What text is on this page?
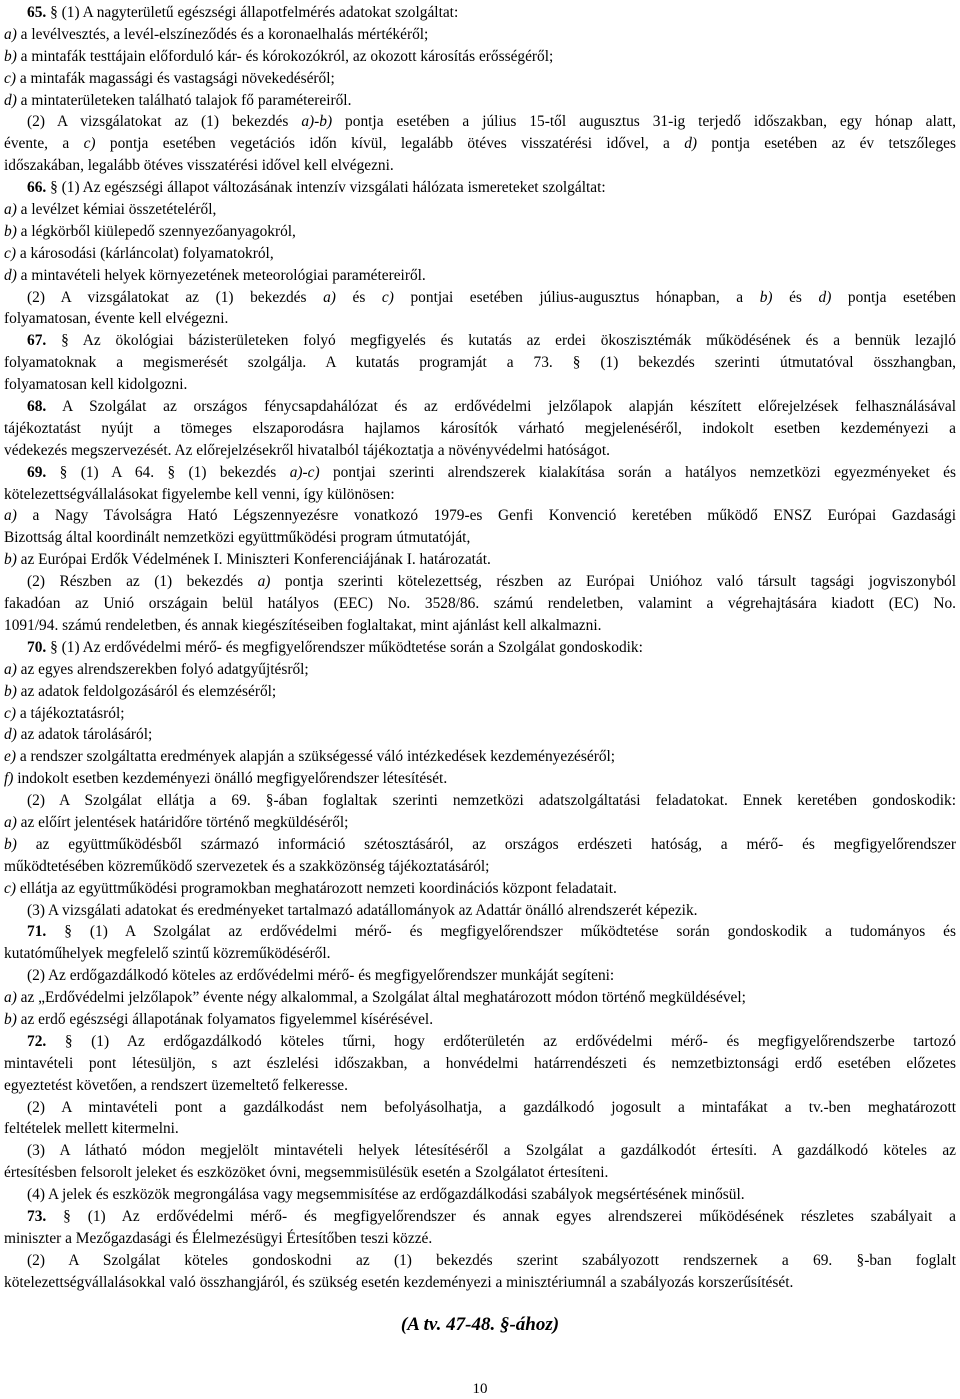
65. § (1) A nagyterületű egészségi állapotfelmérés adatokat szolgáltat:
a) a levélvesztés, a levél-elszíneződés és a koronaelhalás mértékéről;
b) a mintafák testtájain előforduló kár- és kórokozókról, az okozott károsítás erősségéről;
c) a mintafák magassági és vastagsági növekedéséről;
d) a mintaterületeken található talajok fő paramétereiről.
(2) A vizsgálatokat az (1) bekezdés a)-b) pontja esetében a július 15-től augusztus 31-ig terjedő időszakban, egy hónap alatt,
évente, a c) pontja esetében vegetációs időn kívül, legalább ötéves visszatérési idővel, a d) pontja esetében az év tetszőleges
időszakában, legalább ötéves visszatérési idővel kell elvégezni.
66. § (1) Az egészségi állapot változásának intenzív vizsgálati hálózata ismereteket szolgáltat:
a) a levélzet kémiai összetételéről,
b) a légkörből kiülepedő szennyezőanyagokról,
c) a károsodási (kárláncolat) folyamatokról,
d) a mintavételi helyek környezetének meteorológiai paramétereiről.
(2) A vizsgálatokat az (1) bekezdés a) és c) pontjai esetében július-augusztus hónapban, a b) és d) pontja esetében
folyamatosan, évente kell elvégezni.
67. § Az ökológiai bázisterületeken folyó megfigyelés és kutatás az erdei ökoszisztémák működésének és a bennük lezajló
folyamatoknak a megismerését szolgálja. A kutatás programját a 73. § (1) bekezdés szerinti útmutatóval összhangban,
folyamatosan kell kidolgozni.
68. A Szolgálat az országos fénycsapdahálózat és az erdővédelmi jelzőlapok alapján készített előrejelzések felhasználásával
tájékoztatást nyújt a tömeges elszaporodásra hajlamos károsítók várható megjelenéséről, indokolt esetben kezdeményezi a
védekezés megszervezését. Az előrejelzésekről hivatalból tájékoztatja a növényvédelmi hatóságot.
69. § (1) A 64. § (1) bekezdés a)-c) pontjai szerinti alrendszerek kialakítása során a hatályos nemzetközi egyezményeket és
kötelezettségvállalásokat figyelembe kell venni, így különösen:
a) a Nagy Távolságra Ható Légszennyezésre vonatkozó 1979-es Genfi Konvenció keretében működő ENSZ Európai Gazdasági
Bizottság által koordinált nemzetközi együttműködési program útmutatóját,
b) az Európai Erdők Védelmének I. Miniszteri Konferenciájának I. határozatát.
(2) Részben az (1) bekezdés a) pontja szerinti kötelezettség, részben az Európai Unióhoz való társult tagsági jogviszonyból
fakadóan az Unió országain belül hatályos (EEC) No. 3528/86. számú rendeletben, valamint a végrehajtására kiadott (EC) No.
1091/94. számú rendeletben, és annak kiegészítéseiben foglaltakat, mint ajánlást kell alkalmazni.
70. § (1) Az erdővédelmi mérő- és megfigyelőrendszer működtetése során a Szolgálat gondoskodik:
a) az egyes alrendszerekben folyó adatgyűjtésről;
b) az adatok feldolgozásáról és elemzéséről;
c) a tájékoztatásról;
d) az adatok tárolásáról;
e) a rendszer szolgáltatta eredmények alapján a szükségessé váló intézkedések kezdeményezéséről;
f) indokolt esetben kezdeményezi önálló megfigyelőrendszer létesítését.
(2) A Szolgálat ellátja a 69. §-ában foglaltak szerinti nemzetközi adatszolgáltatási feladatokat. Ennek keretében gondoskodik:
a) az előírt jelentések határidőre történő megküldéséről;
b) az együttműködésből származó információ szétosztásáról, az országos erdészeti hatóság, a mérő- és megfigyelőrendszer
működtetésében közreműködő szervezetek és a szakközönség tájékoztatásáról;
c) ellátja az együttműködési programokban meghatározott nemzeti koordinációs központ feladatait.
(3) A vizsgálati adatokat és eredményeket tartalmazó adatállományok az Adattár önálló alrendszerét képezik.
71. § (1) A Szolgálat az erdővédelmi mérő- és megfigyelőrendszer működtetése során gondoskodik a tudományos és
kutatóműhelyek megfelelő szintű közreműködéséről.
(2) Az erdőgazdálkodó köteles az erdővédelmi mérő- és megfigyelőrendszer munkáját segíteni:
a) az „Erdővédelmi jelzőlapok” évente négy alkalommal, a Szolgálat által meghatározott módon történő megküldésével;
b) az erdő egészségi állapotának folyamatos figyelemmel kísérésével.
72. § (1) Az erdőgazdálkodó köteles tűrni, hogy erdőterületén az erdővédelmi mérő- és megfigyelőrendszerbe tartozó
mintavételi pont létesüljön, s azt észlelési időszakban, a honvédelmi határrendészeti és nemzetbiztonsági erdő esetében előzetes
egyeztetést követően, a rendszert üzemeltető felkeresse.
(2) A mintavételi pont a gazdálkodást nem befolyásolhatja, a gazdálkodó jogosult a mintafákat a tv.-ben meghatározott
feltételek mellett kitermelni.
(3) A látható módon megjelölt mintavételi helyek létesítéséről a Szolgálat a gazdálkodót értesíti. A gazdálkodó köteles az
értesítésben felsorolt jeleket és eszközöket óvni, megsemmisülésük esetén a Szolgálatot értesíteni.
(4) A jelek és eszközök megrongálása vagy megsemmisítése az erdőgazdálkodási szabályok megsértésének minősül.
73. § (1) Az erdővédelmi mérő- és megfigyelőrendszer és annak egyes alrendszerei működésének részletes szabályait a
miniszter a Mezőgazdasági és Élelmezésügyi Értesítőben teszi közzé.
(2) A Szolgálat köteles gondoskodni az (1) bekezdés szerint szabályozott rendszernek a 69. §-ban foglalt
kötelezettségvállalásokkal való összhangjáról, és szükség esetén kezdeményezi a minisztériumnál a szabályozás korszerűsítését.
(A tv. 47-48. §-ához)
10
